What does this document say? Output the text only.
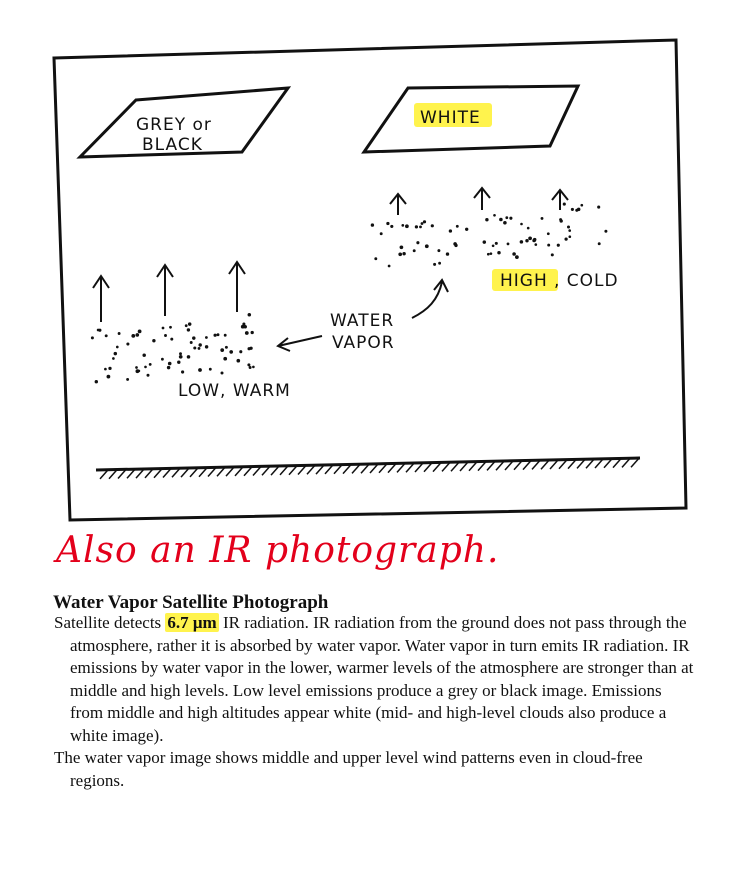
GREY or
BLACK
WHITE
HIGH , COLD
LOW, WARM
WATER
VAPOR
Also an IR photograph.
Water Vapor Satellite Photograph

Satellite detects 6.7 μm IR radiation. IR radiation from the ground does not pass through the atmosphere, rather it is absorbed by water vapor. Water vapor in turn emits IR radiation. IR emissions by water vapor in the lower, warmer levels of the atmosphere are stronger than at middle and high levels. Low level emissions produce a grey or black image. Emissions from middle and high altitudes appear white (mid- and high-level clouds also produce a white image).

The water vapor image shows middle and upper level wind patterns even in cloud-free regions.
